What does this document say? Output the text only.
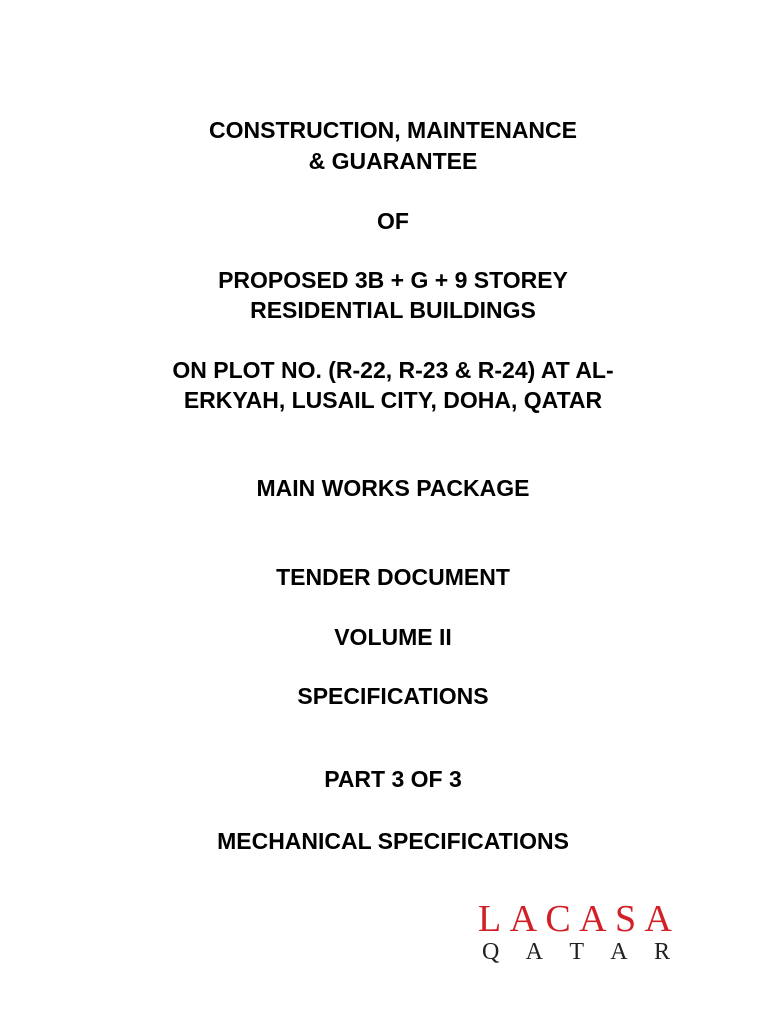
CONSTRUCTION, MAINTENANCE
& GUARANTEE
OF
PROPOSED 3B + G + 9 STOREY
RESIDENTIAL BUILDINGS
ON PLOT NO. (R-22, R-23 & R-24) AT AL-
ERKYAH, LUSAIL CITY, DOHA, QATAR
MAIN WORKS PACKAGE
TENDER DOCUMENT
VOLUME II
SPECIFICATIONS
PART 3 OF 3
MECHANICAL SPECIFICATIONS
L A C A S A
Q A T A R
